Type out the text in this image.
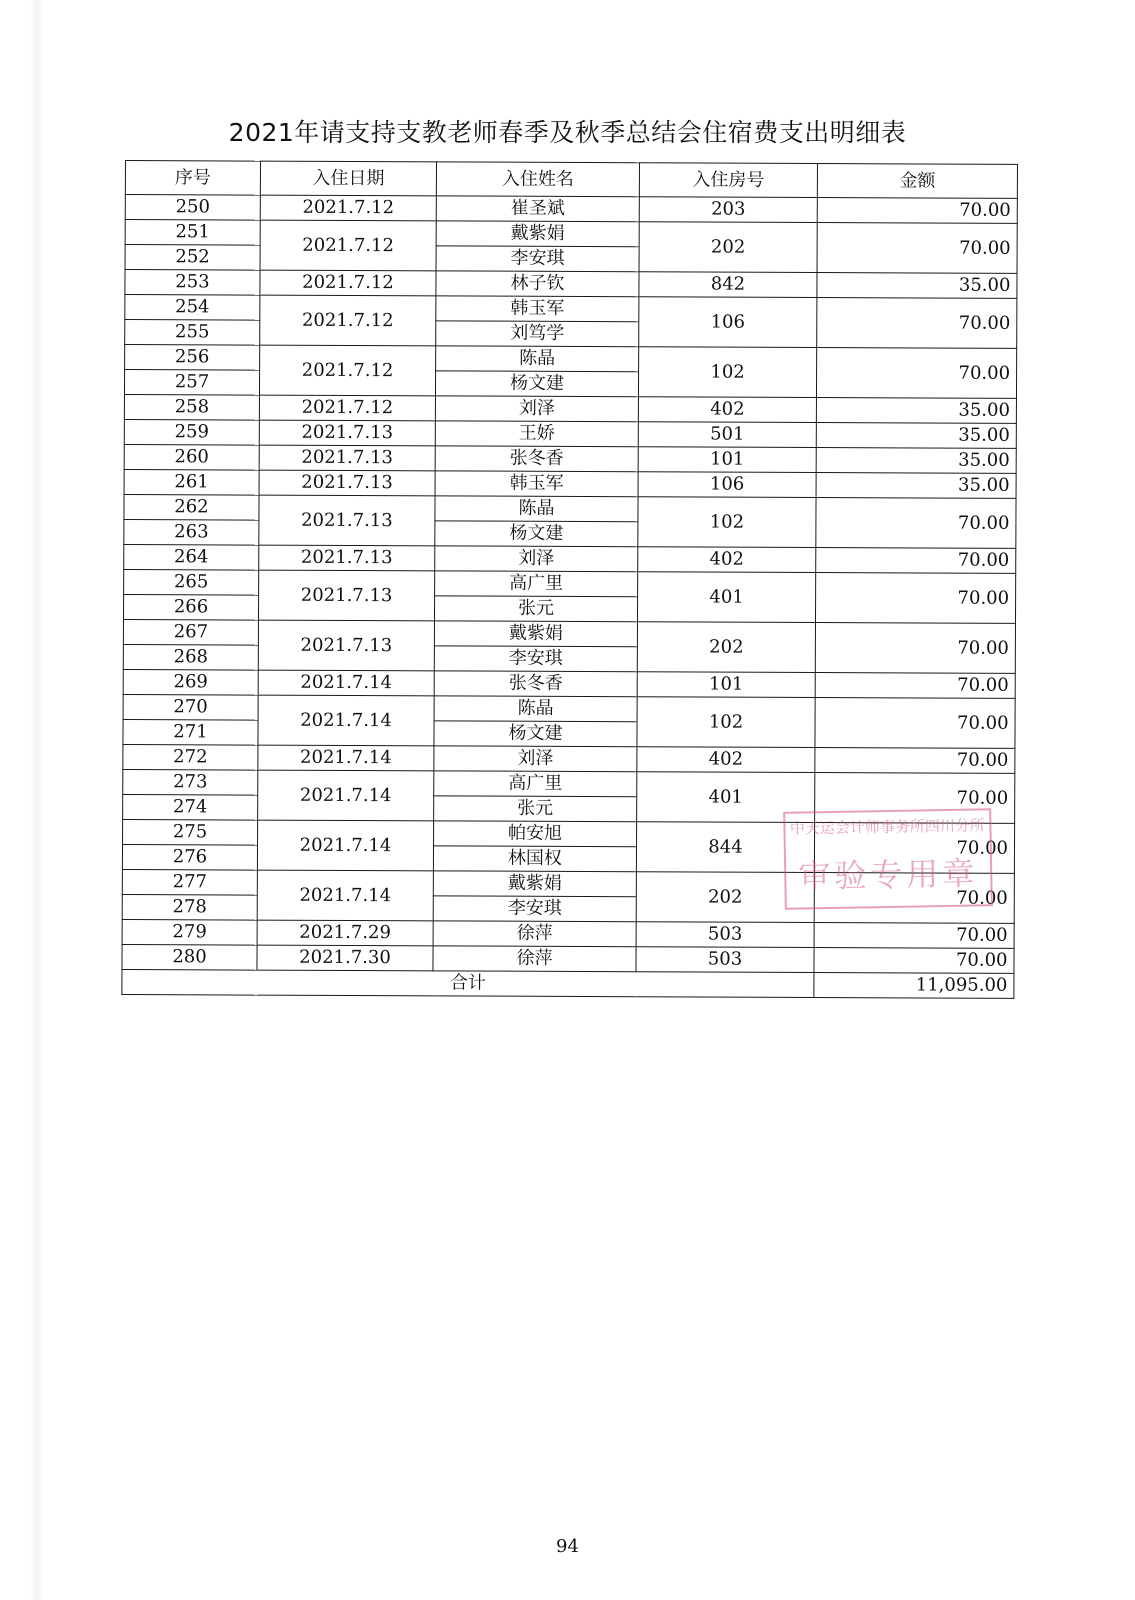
2021年请支持支教老师春季及秋季总结会住宿费支出明细表
序号	入住日期	入住姓名	入住房号	金额
250	2021.7.12	崔圣斌	203	70.00
251	2021.7.12	戴紫娟	202	70.00
252		李安琪		
253	2021.7.12	林子钦	842	35.00
254	2021.7.12	韩玉军	106	70.00
255		刘笃学		
256	2021.7.12	陈晶	102	70.00
257		杨文建		
258	2021.7.12	刘泽	402	35.00
259	2021.7.13	王娇	501	35.00
260	2021.7.13	张冬香	101	35.00
261	2021.7.13	韩玉军	106	35.00
262	2021.7.13	陈晶	102	70.00
263		杨文建		
264	2021.7.13	刘泽	402	70.00
265	2021.7.13	高广里	401	70.00
266		张元		
267	2021.7.13	戴紫娟	202	70.00
268		李安琪		
269	2021.7.14	张冬香	101	70.00
270	2021.7.14	陈晶	102	70.00
271		杨文建		
272	2021.7.14	刘泽	402	70.00
273	2021.7.14	高广里	401	70.00
274		张元		
275	2021.7.14	帕安旭	844	70.00
276		林国权		
277	2021.7.14	戴紫娟	202	70.00
278		李安琪		
279	2021.7.29	徐萍	503	70.00
280	2021.7.30	徐萍	503	70.00
合计				11,095.00
中天运会计师事务所四川分所
审验专用章
94
